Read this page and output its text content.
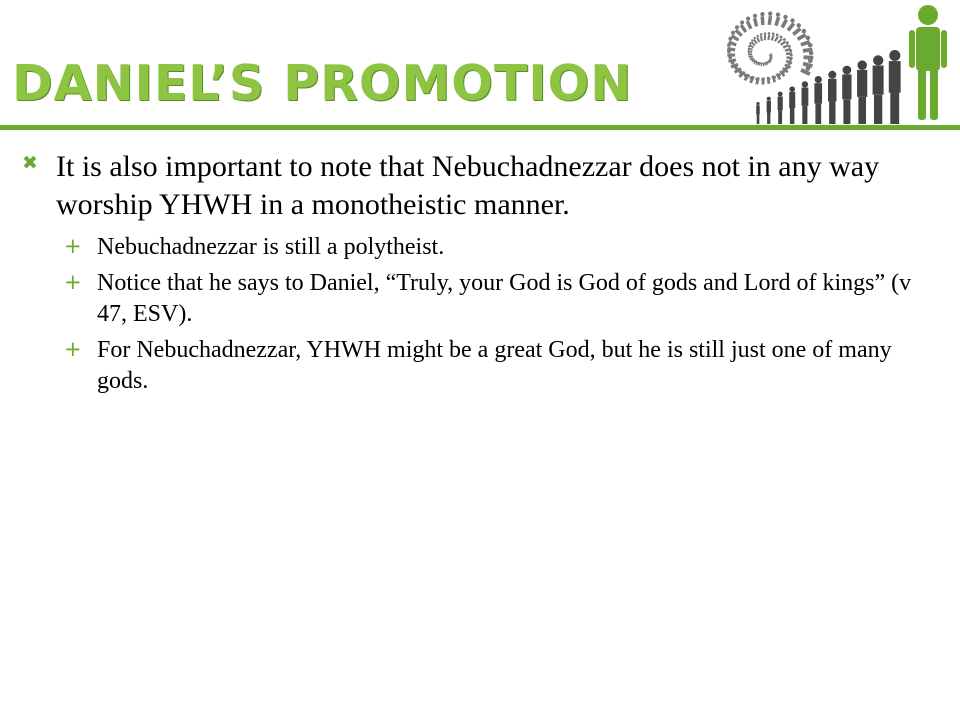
DANIEL’S PROMOTION
✖ It is also important to note that Nebuchadnezzar does not in any way worship YHWH in a monotheistic manner.
+ Nebuchadnezzar is still a polytheist.
+ Notice that he says to Daniel, “Truly, your God is God of gods and Lord of kings” (v 47, ESV).
+ For Nebuchadnezzar, YHWH might be a great God, but he is still just one of many gods.
